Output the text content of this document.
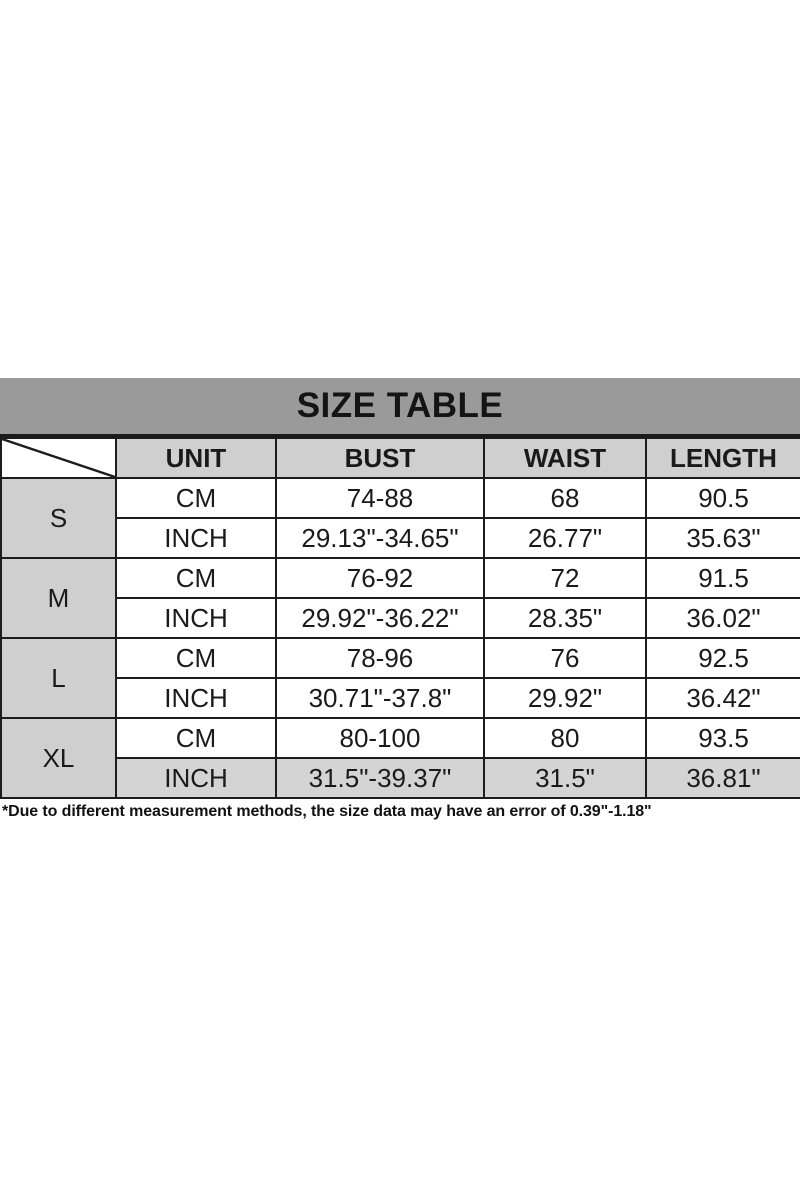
SIZE TABLE
	UNIT	BUST	WAIST	LENGTH
S	CM	74-88	68	90.5
	INCH	29.13"-34.65"	26.77"	35.63"
M	CM	76-92	72	91.5
	INCH	29.92"-36.22"	28.35"	36.02"
L	CM	78-96	76	92.5
	INCH	30.71"-37.8"	29.92"	36.42"
XL	CM	80-100	80	93.5
	INCH	31.5"-39.37"	31.5"	36.81"
*Due to different measurement methods, the size data may have an error of 0.39"-1.18"
